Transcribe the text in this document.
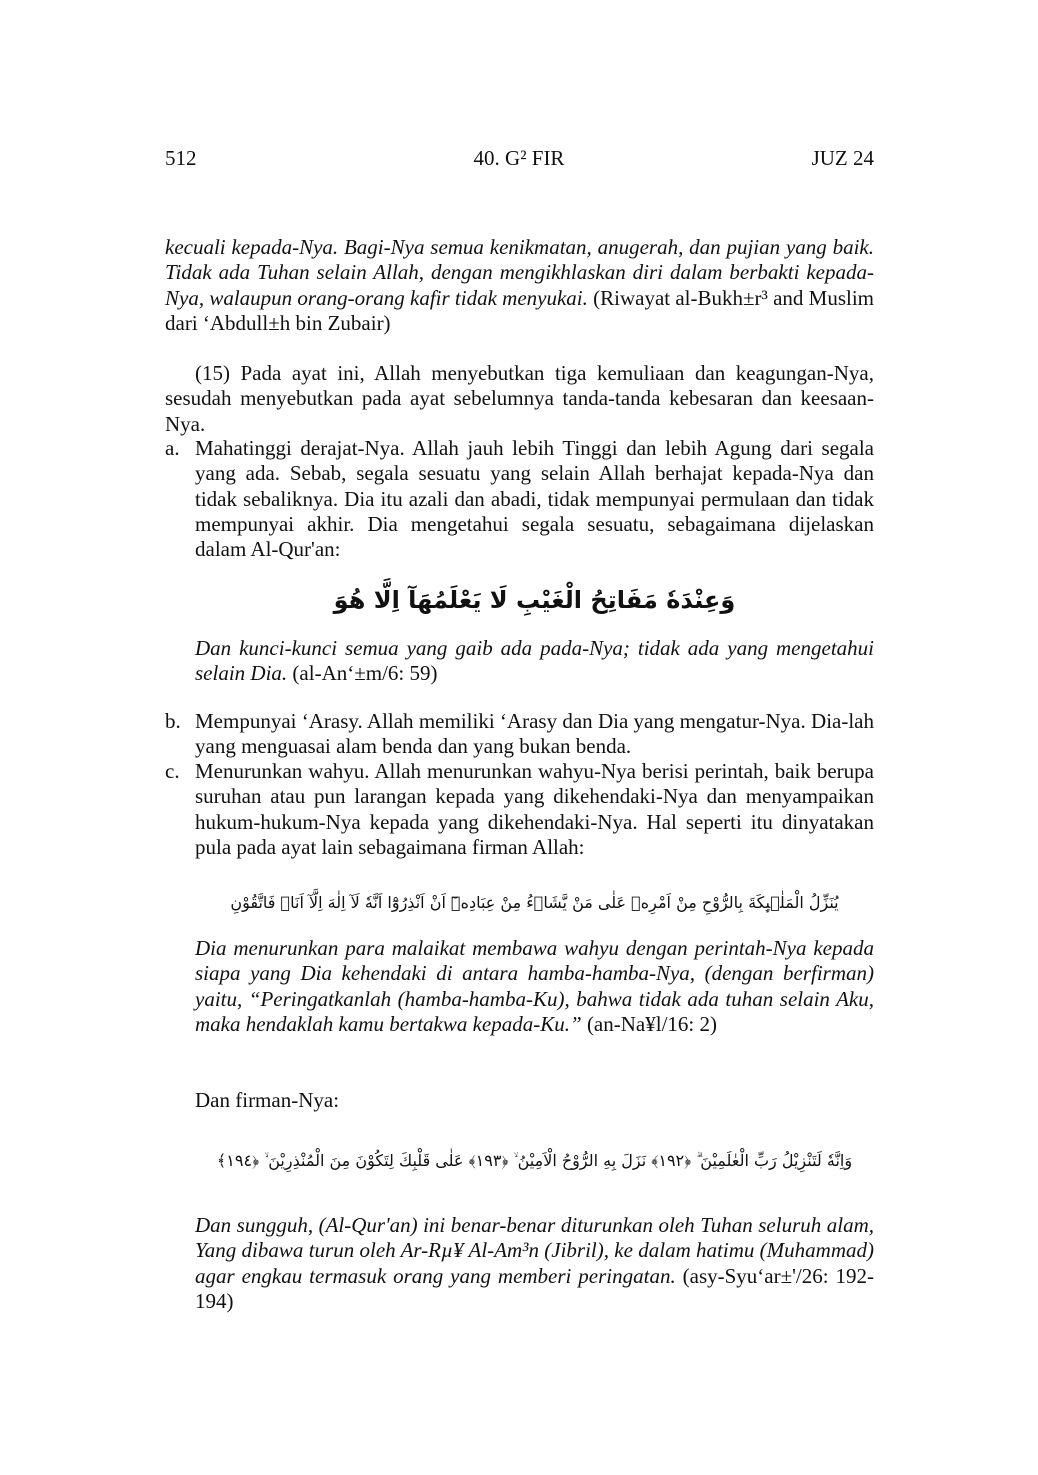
512	40. G² FIR	JUZ 24

kecuali kepada-Nya. Bagi-Nya semua kenikmatan, anugerah, dan pujian yang baik. Tidak ada Tuhan selain Allah, dengan mengikhlaskan diri dalam berbakti kepada-Nya, walaupun orang-orang kafir tidak menyukai. (Riwayat al-Bukh±r³ and Muslim dari ‘Abdull±h bin Zubair)

(15) Pada ayat ini, Allah menyebutkan tiga kemuliaan dan keagungan-Nya, sesudah menyebutkan pada ayat sebelumnya tanda-tanda kebesaran dan keesaan-Nya.

a. Mahatinggi derajat-Nya. Allah jauh lebih Tinggi dan lebih Agung dari segala yang ada. Sebab, segala sesuatu yang selain Allah berhajat kepada-Nya dan tidak sebaliknya. Dia itu azali dan abadi, tidak mempunyai permulaan dan tidak mempunyai akhir. Dia mengetahui segala sesuatu, sebagaimana dijelaskan dalam Al-Qur'an:
وَعِنْدَهٗ مَفَاتِحُ الْغَيْبِ لَا يَعْلَمُهَآ اِلَّا هُوَ

Dan kunci-kunci semua yang gaib ada pada-Nya; tidak ada yang mengetahui selain Dia. (al-An‘±m/6: 59)

b. Mempunyai ‘Arasy. Allah memiliki ‘Arasy dan Dia yang mengatur-Nya. Dia-lah yang menguasai alam benda dan yang bukan benda.
c. Menurunkan wahyu. Allah menurunkan wahyu-Nya berisi perintah, baik berupa suruhan atau pun larangan kepada yang dikehendaki-Nya dan menyampaikan hukum-hukum-Nya kepada yang dikehendaki-Nya. Hal seperti itu dinyatakan pula pada ayat lain sebagaimana firman Allah:
يُنَزِّلُ الْمَلٰۤىِٕكَةَ بِالرُّوْحِ مِنْ اَمْرِهٖ عَلٰى مَنْ يَّشَاۤءُ مِنْ عِبَادِهٖٓ اَنْ اَنْذِرُوْٓا اَنَّهٗ لَآ اِلٰهَ اِلَّآ اَنَا۠ فَاتَّقُوْنِ

Dia menurunkan para malaikat membawa wahyu dengan perintah-Nya kepada siapa yang Dia kehendaki di antara hamba-hamba-Nya, (dengan berfirman) yaitu, “Peringatkanlah (hamba-hamba-Ku), bahwa tidak ada tuhan selain Aku, maka hendaklah kamu bertakwa kepada-Ku.” (an-Na¥l/16: 2)

Dan firman-Nya:

وَاِنَّهٗ لَتَنْزِيْلُ رَبِّ الْعٰلَمِيْنَ ۗ ﴿١٩٢﴾ نَزَلَ بِهِ الرُّوْحُ الْاَمِيْنُ ۙ ﴿١٩٣﴾ عَلٰى قَلْبِكَ لِتَكُوْنَ مِنَ الْمُنْذِرِيْنَ ۙ ﴿١٩٤﴾

Dan sungguh, (Al-Qur'an) ini benar-benar diturunkan oleh Tuhan seluruh alam, Yang dibawa turun oleh Ar-Rµ¥ Al-Am³n (Jibril), ke dalam hatimu (Muhammad) agar engkau termasuk orang yang memberi peringatan. (asy-Syu‘ar±'/26: 192-194)
